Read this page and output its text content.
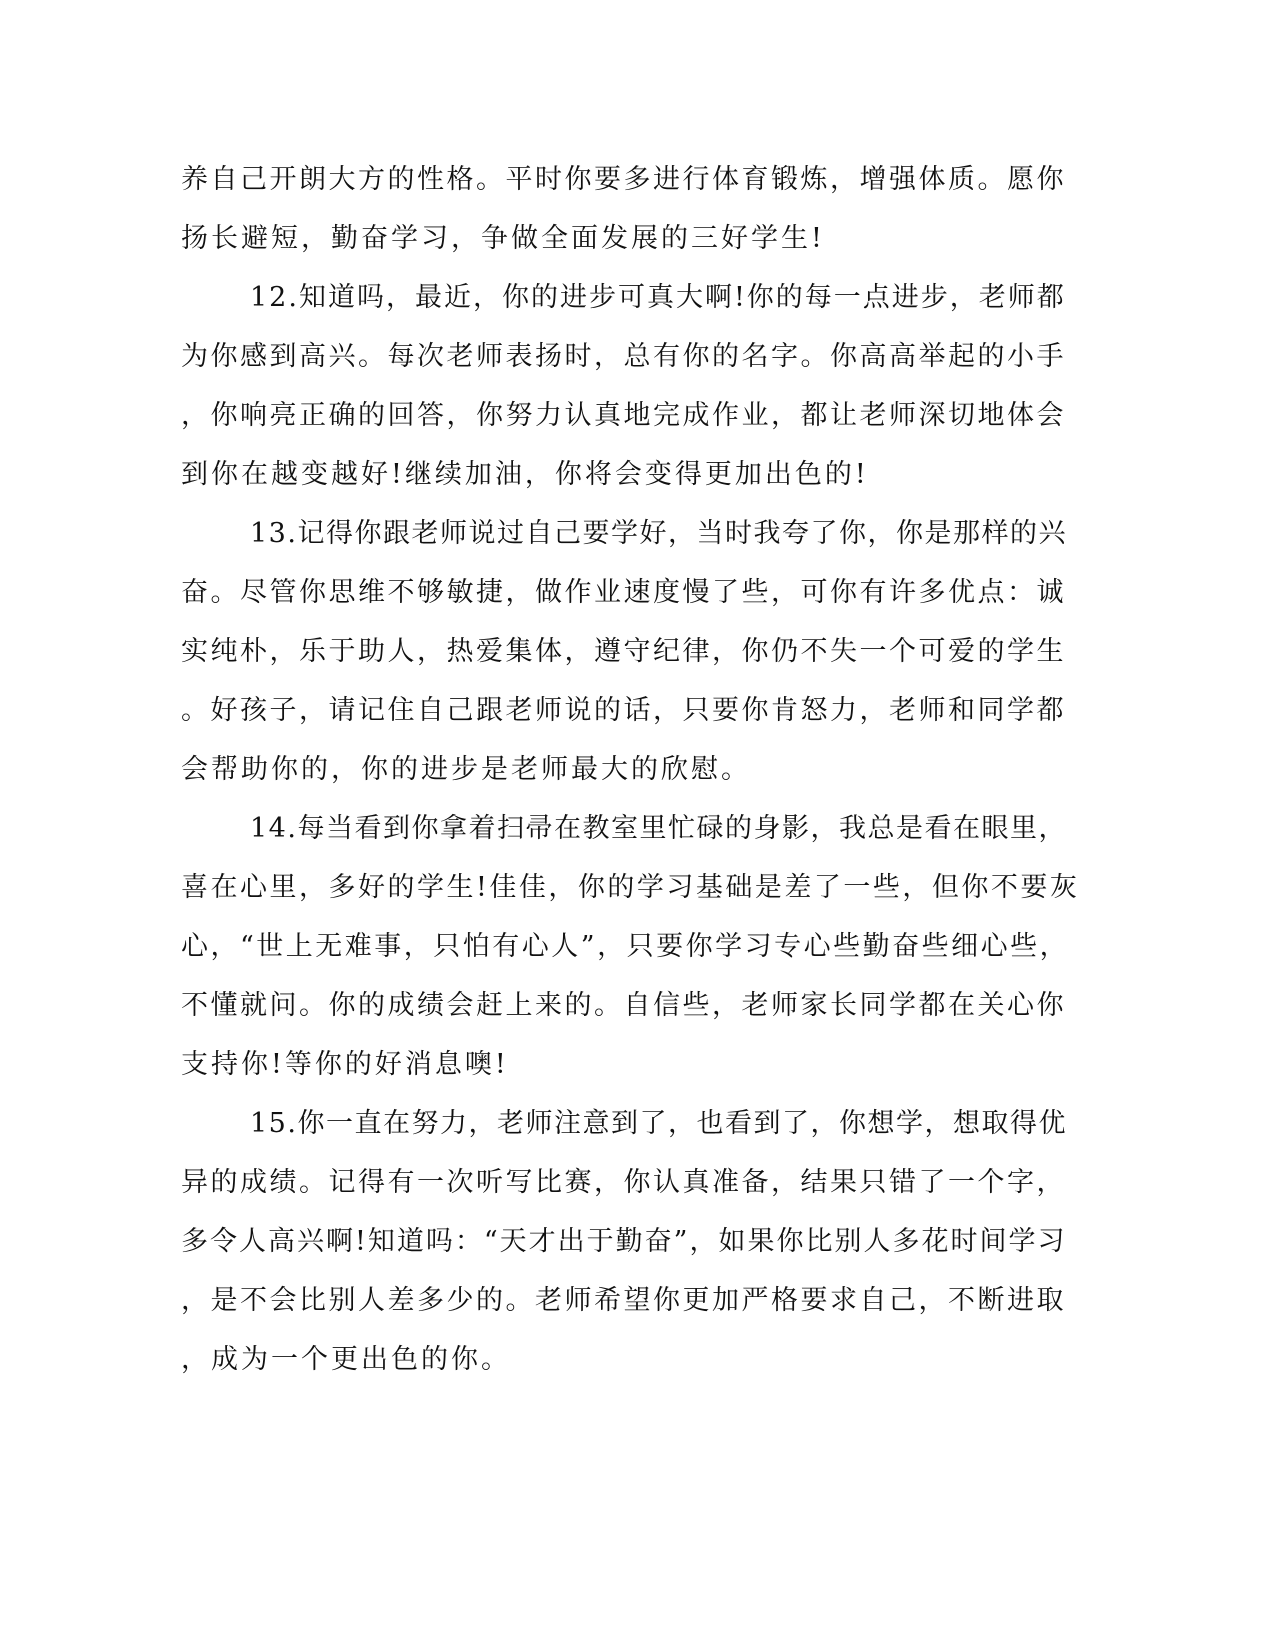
养自己开朗大方的性格。平时你要多进行体育锻炼，增强体质。愿你
扬长避短，勤奋学习，争做全面发展的三好学生!
12.知道吗，最近，你的进步可真大啊!你的每一点进步，老师都
为你感到高兴。每次老师表扬时，总有你的名字。你高高举起的小手
，你响亮正确的回答，你努力认真地完成作业，都让老师深切地体会
到你在越变越好!继续加油，你将会变得更加出色的!
13.记得你跟老师说过自己要学好，当时我夸了你，你是那样的兴
奋。尽管你思维不够敏捷，做作业速度慢了些，可你有许多优点：诚
实纯朴，乐于助人，热爱集体，遵守纪律，你仍不失一个可爱的学生
。好孩子，请记住自己跟老师说的话，只要你肯怒力，老师和同学都
会帮助你的，你的进步是老师最大的欣慰。
14.每当看到你拿着扫帚在教室里忙碌的身影，我总是看在眼里，
喜在心里，多好的学生!佳佳，你的学习基础是差了一些，但你不要灰
心，“世上无难事，只怕有心人”，只要你学习专心些勤奋些细心些，
不懂就问。你的成绩会赶上来的。自信些，老师家长同学都在关心你
支持你!等你的好消息噢!
15.你一直在努力，老师注意到了，也看到了，你想学，想取得优
异的成绩。记得有一次听写比赛，你认真准备，结果只错了一个字，
多令人高兴啊!知道吗：“天才出于勤奋”，如果你比别人多花时间学习
，是不会比别人差多少的。老师希望你更加严格要求自己，不断进取
，成为一个更出色的你。
